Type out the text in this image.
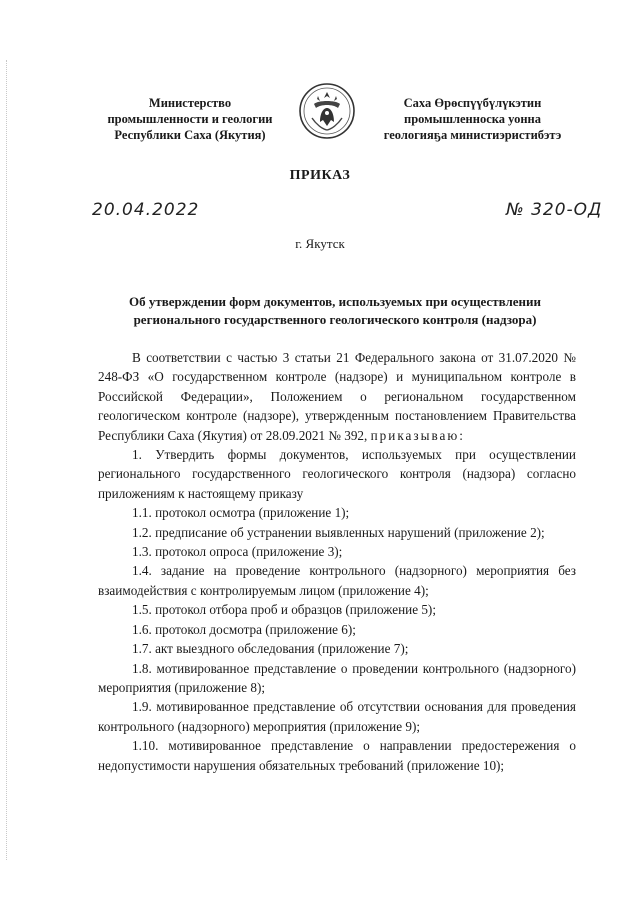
Министерство
промышленности и геологии
Республики Саха (Якутия)
Саха Өрөспүүбүлүкэтин
промышленноска уонна
геологияҕа министиэристибэтэ
ПРИКАЗ
20.04.2022	№ 320-ОД
г. Якутск
Об утверждении форм документов, используемых при осуществлении регионального государственного геологического контроля (надзора)

В соответствии с частью 3 статьи 21 Федерального закона от 31.07.2020 № 248-ФЗ «О государственном контроле (надзоре) и муниципальном контроле в Российской Федерации», Положением о региональном государственном геологическом контроле (надзоре), утвержденным постановлением Правительства Республики Саха (Якутия) от 28.09.2021 № 392, приказываю:

1. Утвердить формы документов, используемых при осуществлении регионального государственного геологического контроля (надзора) согласно приложениям к настоящему приказу

1.1. протокол осмотра (приложение 1);

1.2. предписание об устранении выявленных нарушений (приложение 2);

1.3. протокол опроса (приложение 3);

1.4. задание на проведение контрольного (надзорного) мероприятия без взаимодействия с контролируемым лицом (приложение 4);

1.5. протокол отбора проб и образцов (приложение 5);

1.6. протокол досмотра (приложение 6);

1.7. акт выездного обследования (приложение 7);

1.8. мотивированное представление о проведении контрольного (надзорного) мероприятия (приложение 8);

1.9. мотивированное представление об отсутствии основания для проведения контрольного (надзорного) мероприятия (приложение 9);

1.10. мотивированное представление о направлении предостережения о недопустимости нарушения обязательных требований (приложение 10);
